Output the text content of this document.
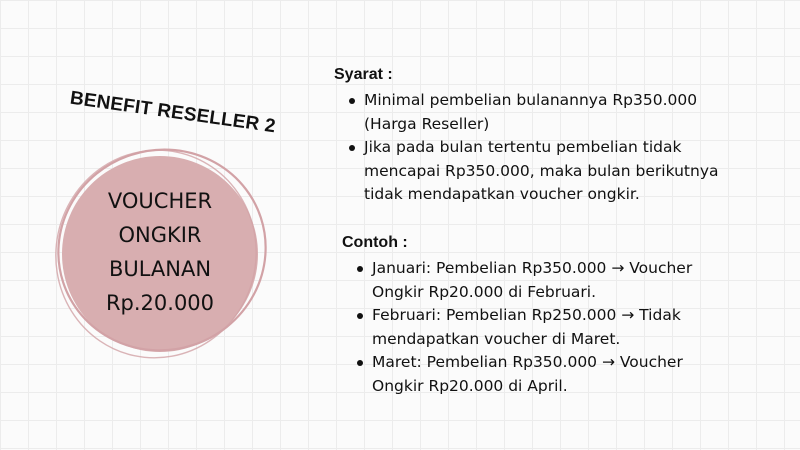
BENEFIT RESELLER 2
VOUCHER
ONGKIR
BULANAN
Rp.20.000
Syarat :
Minimal pembelian bulanannya Rp350.000
(Harga Reseller)
Jika pada bulan tertentu pembelian tidak
mencapai Rp350.000, maka bulan berikutnya
tidak mendapatkan voucher ongkir.
Contoh :
Januari: Pembelian Rp350.000 → Voucher
Ongkir Rp20.000 di Februari.
Februari: Pembelian Rp250.000 → Tidak
mendapatkan voucher di Maret.
Maret: Pembelian Rp350.000 → Voucher
Ongkir Rp20.000 di April.
